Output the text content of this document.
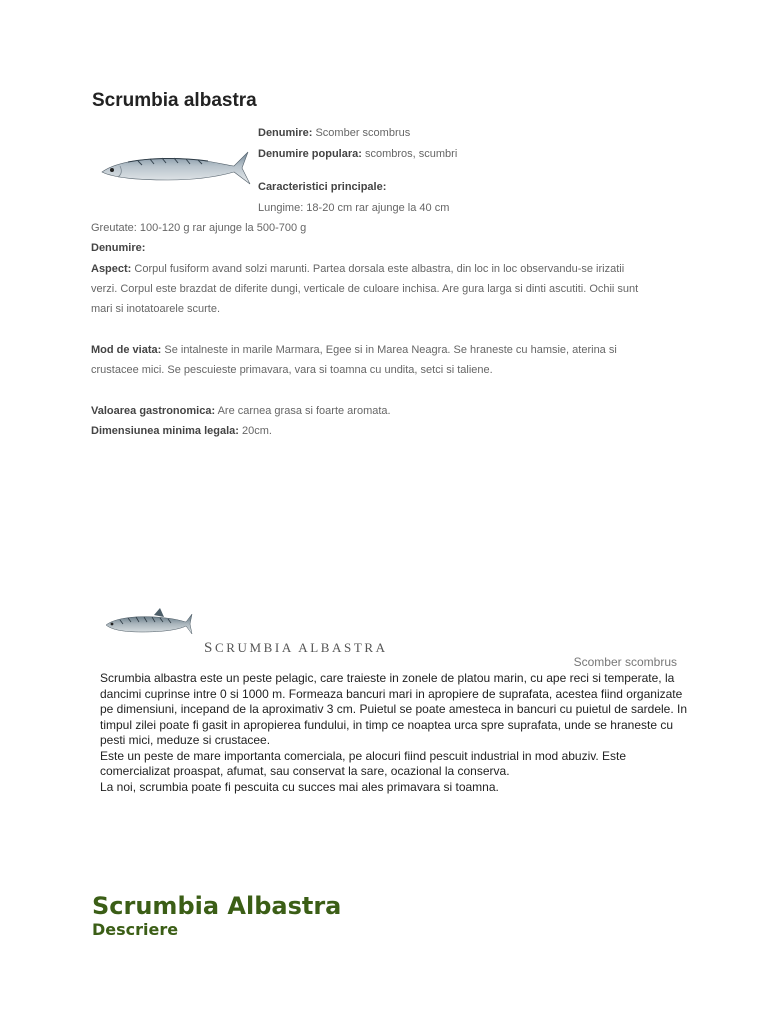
Scrumbia albastra
Denumire: Scomber scombrus
Denumire populara: scombros, scumbri
Caracteristici principale:
Lungime: 18-20 cm rar ajunge la 40 cm
Greutate: 100-120 g rar ajunge la 500-700 g
Denumire:
Aspect: Corpul fusiform avand solzi marunti. Partea dorsala este albastra, din loc in loc observandu-se irizatii
verzi. Corpul este brazdat de diferite dungi, verticale de culoare inchisa. Are gura larga si dinti ascutiti. Ochii sunt
mari si inotatoarele scurte.
Mod de viata: Se intalneste in marile Marmara, Egee si in Marea Neagra. Se hraneste cu hamsie, aterina si
crustacee mici. Se pescuieste primavara, vara si toamna cu undita, setci si taliene.
Valoarea gastronomica: Are carnea grasa si foarte aromata.
Dimensiunea minima legala: 20cm.
SCRUMBIA ALBASTRA
Scomber scombrus

Scrumbia albastra este un peste pelagic, care traieste in zonele de platou marin, cu ape reci si temperate, la dancimi cuprinse intre 0 si 1000 m. Formeaza bancuri mari in apropiere de suprafata, acestea fiind organizate pe dimensiuni, incepand de la aproximativ 3 cm. Puietul se poate amesteca in bancuri cu puietul de sardele. In timpul zilei poate fi gasit in apropierea fundului, in timp ce noaptea urca spre suprafata, unde se hraneste cu pesti mici, meduze si crustacee.

Este un peste de mare importanta comerciala, pe alocuri fiind pescuit industrial in mod abuziv. Este comercializat proaspat, afumat, sau conservat la sare, ocazional la conserva.

La noi, scrumbia poate fi pescuita cu succes mai ales primavara si toamna.

Scrumbia Albastra
Descriere
